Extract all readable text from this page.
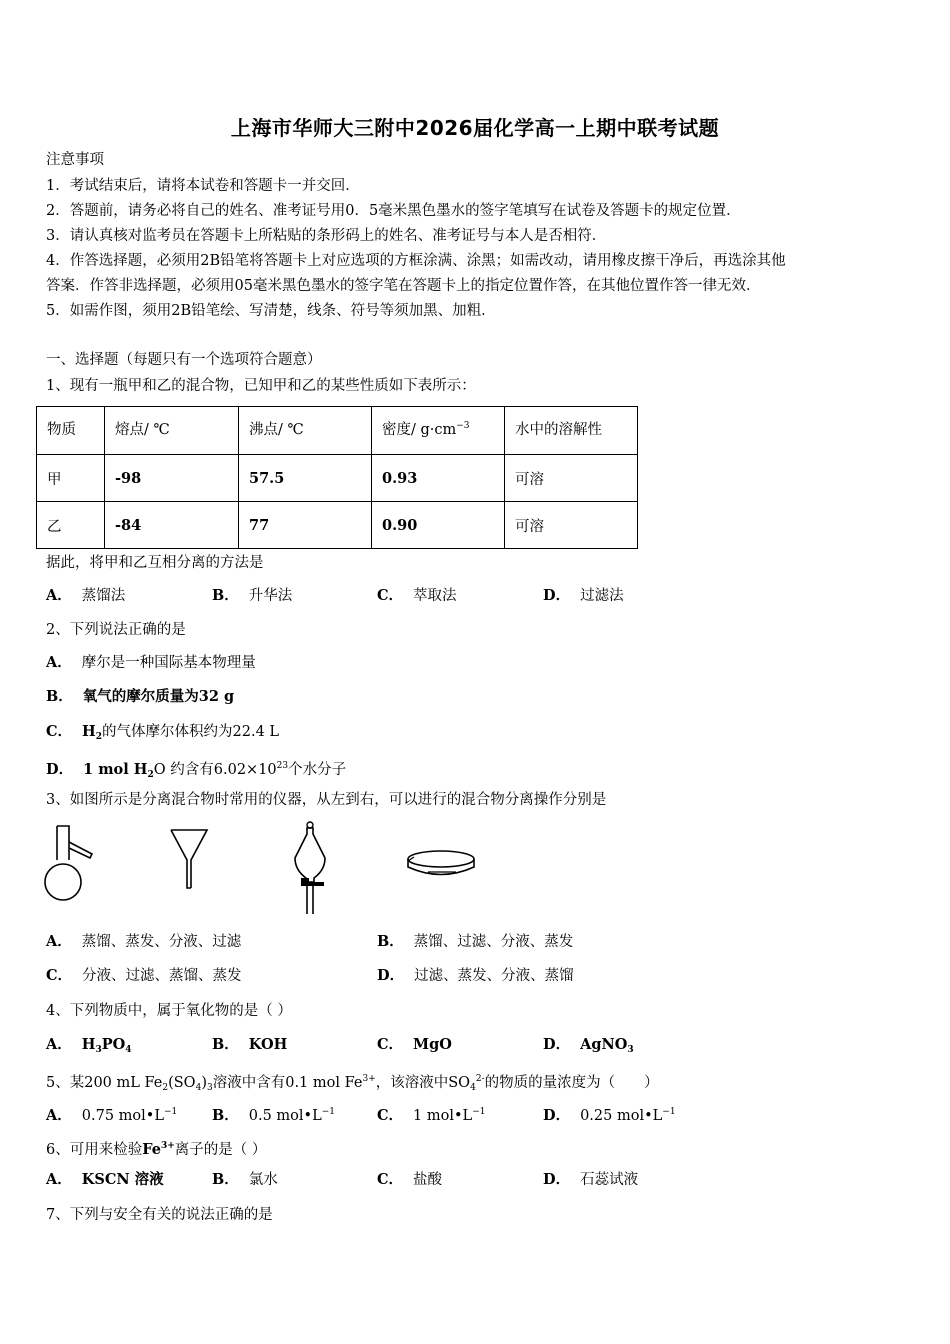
上海市华师大三附中2026届化学高一上期中联考试题
注意事项
1．考试结束后，请将本试卷和答题卡一并交回．
2．答题前，请务必将自己的姓名、准考证号用0．5毫米黑色墨水的签字笔填写在试卷及答题卡的规定位置．
3．请认真核对监考员在答题卡上所粘贴的条形码上的姓名、准考证号与本人是否相符．
4．作答选择题，必须用2B铅笔将答题卡上对应选项的方框涂满、涂黑；如需改动，请用橡皮擦干净后，再选涂其他
答案．作答非选择题，必须用05毫米黑色墨水的签字笔在答题卡上的指定位置作答，在其他位置作答一律无效．
5．如需作图，须用2B铅笔绘、写清楚，线条、符号等须加黑、加粗．
一、选择题（每题只有一个选项符合题意）
1、现有一瓶甲和乙的混合物，已知甲和乙的某些性质如下表所示：
物质	熔点/ ℃	沸点/ ℃	密度/ $g\cdot cm^{-3}$	水中的溶解性
甲	-98	57.5	0.93	可溶
乙	-84	77	0.90	可溶
据此，将甲和乙互相分离的方法是
A． 蒸馏法	B． 升华法	C． 萃取法	D． 过滤法
2、下列说法正确的是
A． 摩尔是一种国际基本物理量
B． 氧气的摩尔质量为32 g
C． $H_2$的气体摩尔体积约为22.4 L
D． 1 mol $H_2O$ 约含有$6.02\times 10^{23}$个水分子
3、如图所示是分离混合物时常用的仪器，从左到右，可以进行的混合物分离操作分别是
A． 蒸馏、蒸发、分液、过滤	B． 蒸馏、过滤、分液、蒸发
C． 分液、过滤、蒸馏、蒸发	D． 过滤、蒸发、分液、蒸馏
4、下列物质中，属于氧化物的是（ ）
A． $H_3PO_4$	B． KOH	C． MgO	D． AgNO$_3$
5、某200 mL $Fe_2(SO_4)_3$溶液中含有0.1 mol $Fe^{3+}$，该溶液中$SO_4^{2-}$的物质的量浓度为（　　）
A． 0.75 $mol•L^{-1}$ B． 0.5 $mol•L^{-1}$	C． 1 $mol•L^{-1}$	D． 0.25 $mol•L^{-1}$
6、可用来检验$Fe^{3+}$离子的是（ ）
A． KSCN 溶液	B． 氯水	C． 盐酸	D． 石蕊试液
7、下列与安全有关的说法正确的是
